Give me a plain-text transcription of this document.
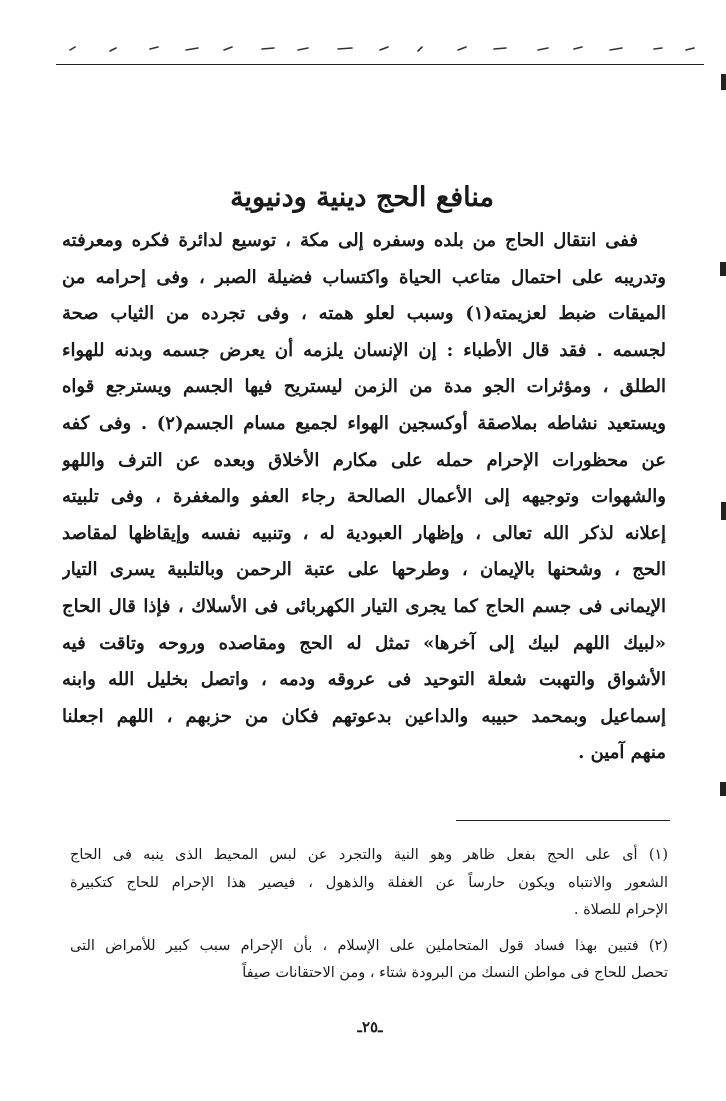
منافع الحج دينية ودنيوية
ففى انتقال الحاج من بلده وسفره إلى مكة ، توسيع لدائرة فكره ومعرفته
وتدريبه على احتمال متاعب الحياة واكتساب فضيلة الصبر ، وفى إحرامه من
الميقات ضبط لعزيمته(١) وسبب لعلو همته ، وفى تجرده من الثياب صحة
لجسمه . فقد قال الأطباء : إن الإنسان يلزمه أن يعرض جسمه وبدنه للهواء
الطلق ، ومؤثرات الجو مدة من الزمن ليستريح فيها الجسم ويسترجع قواه
ويستعيد نشاطه بملاصقة أوكسجين الهواء لجميع مسام الجسم(٢) . وفى كفه
عن محظورات الإحرام حمله على مكارم الأخلاق وبعده عن الترف واللهو
والشهوات وتوجيهه إلى الأعمال الصالحة رجاء العفو والمغفرة ، وفى تلبيته
إعلانه لذكر الله تعالى ، وإظهار العبودية له ، وتنبيه نفسه وإيقاظها لمقاصد
الحج ، وشحنها بالإيمان ، وطرحها على عتبة الرحمن وبالتلبية يسرى التيار
الإيمانى فى جسم الحاج كما يجرى التيار الكهربائى فى الأسلاك ، فإذا قال الحاج
«لبيك اللهم لبيك إلى آخرها» تمثل له الحج ومقاصده وروحه وتاقت فيه
الأشواق والتهبت شعلة التوحيد فى عروقه ودمه ، واتصل بخليل الله وابنه
إسماعيل وبمحمد حبيبه والداعين بدعوتهم فكان من حزبهم ، اللهم اجعلنا
منهم آمين .
(١) أى على الحج بفعل ظاهر وهو النية والتجرد عن لبس المحيط الذى ينبه فى الحاج
الشعور والانتباه ويكون حارساً عن الغفلة والذهول ، فيصير هذا الإحرام للحاج كتكبيرة
الإحرام للصلاة .
(٢) فتبين بهذا فساد قول المتحاملين على الإسلام ، بأن الإحرام سبب كبير للأمراض التى
تحصل للحاج فى مواطن النسك من البرودة شتاء ، ومن الاحتقانات صيفاً
ـ٢٥ـ
